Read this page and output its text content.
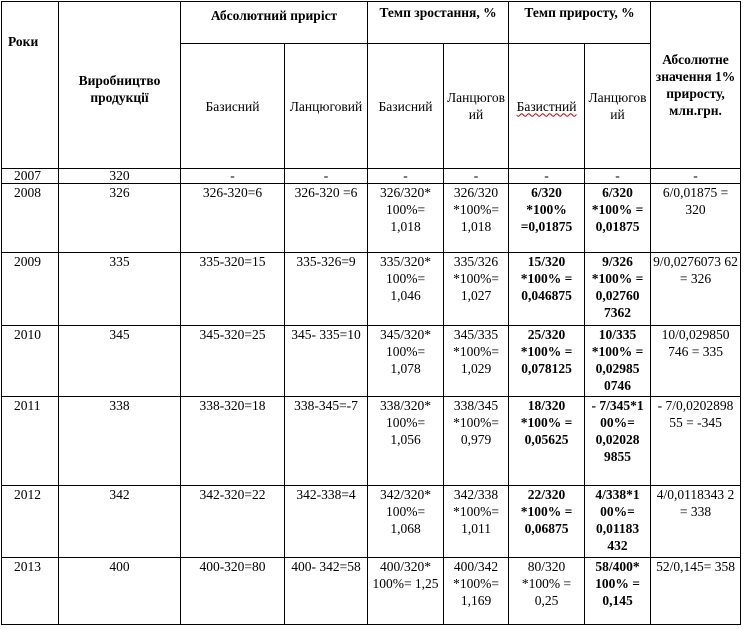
Роки	Виробництво продукції	Абсолютний приріст		Темп зростання, %		Темп приросту, %		Абсолютне значення 1% приросту, млн.грн.
		Базисний	Ланцюговий	Базисний	Ланцюговий	Базистний	Ланцюговий	
2007	320	-	-	-	-	-	-	-
2008	326	326-320=6	326-320 =6	326/320* 100%= 1,018	326/320 *100%= 1,018	6/320 *100% =0,01875	6/320 *100% = 0,01875	6/0,01875 = 320
2009	335	335-320=15	335-326=9	335/320* 100%= 1,046	335/326 *100%= 1,027	15/320 *100% = 0,046875	9/326 *100% = 0,02760 7362	9/0,0276073 62 = 326
2010	345	345-320=25	345- 335=10	345/320* 100%= 1,078	345/335 *100%= 1,029	25/320 *100% = 0,078125	10/335 *100% = 0,02985 0746	10/0,029850 746 = 335
2011	338	338-320=18	338-345=-7	338/320* 100%= 1,056	338/345 *100%= 0,979	18/320 *100% = 0,05625	- 7/345*1 00%= 0,02028 9855	- 7/0,0202898 55 = -345
2012	342	342-320=22	342-338=4	342/320* 100%= 1,068	342/338 *100%= 1,011	22/320 *100% = 0,06875	4/338*1 00%= 0,01183 432	4/0,0118343 2 = 338
2013	400	400-320=80	400- 342=58	400/320* 100%= 1,25	400/342 *100%= 1,169	80/320 *100% = 0,25	58/400* 100% = 0,145	52/0,145= 358
